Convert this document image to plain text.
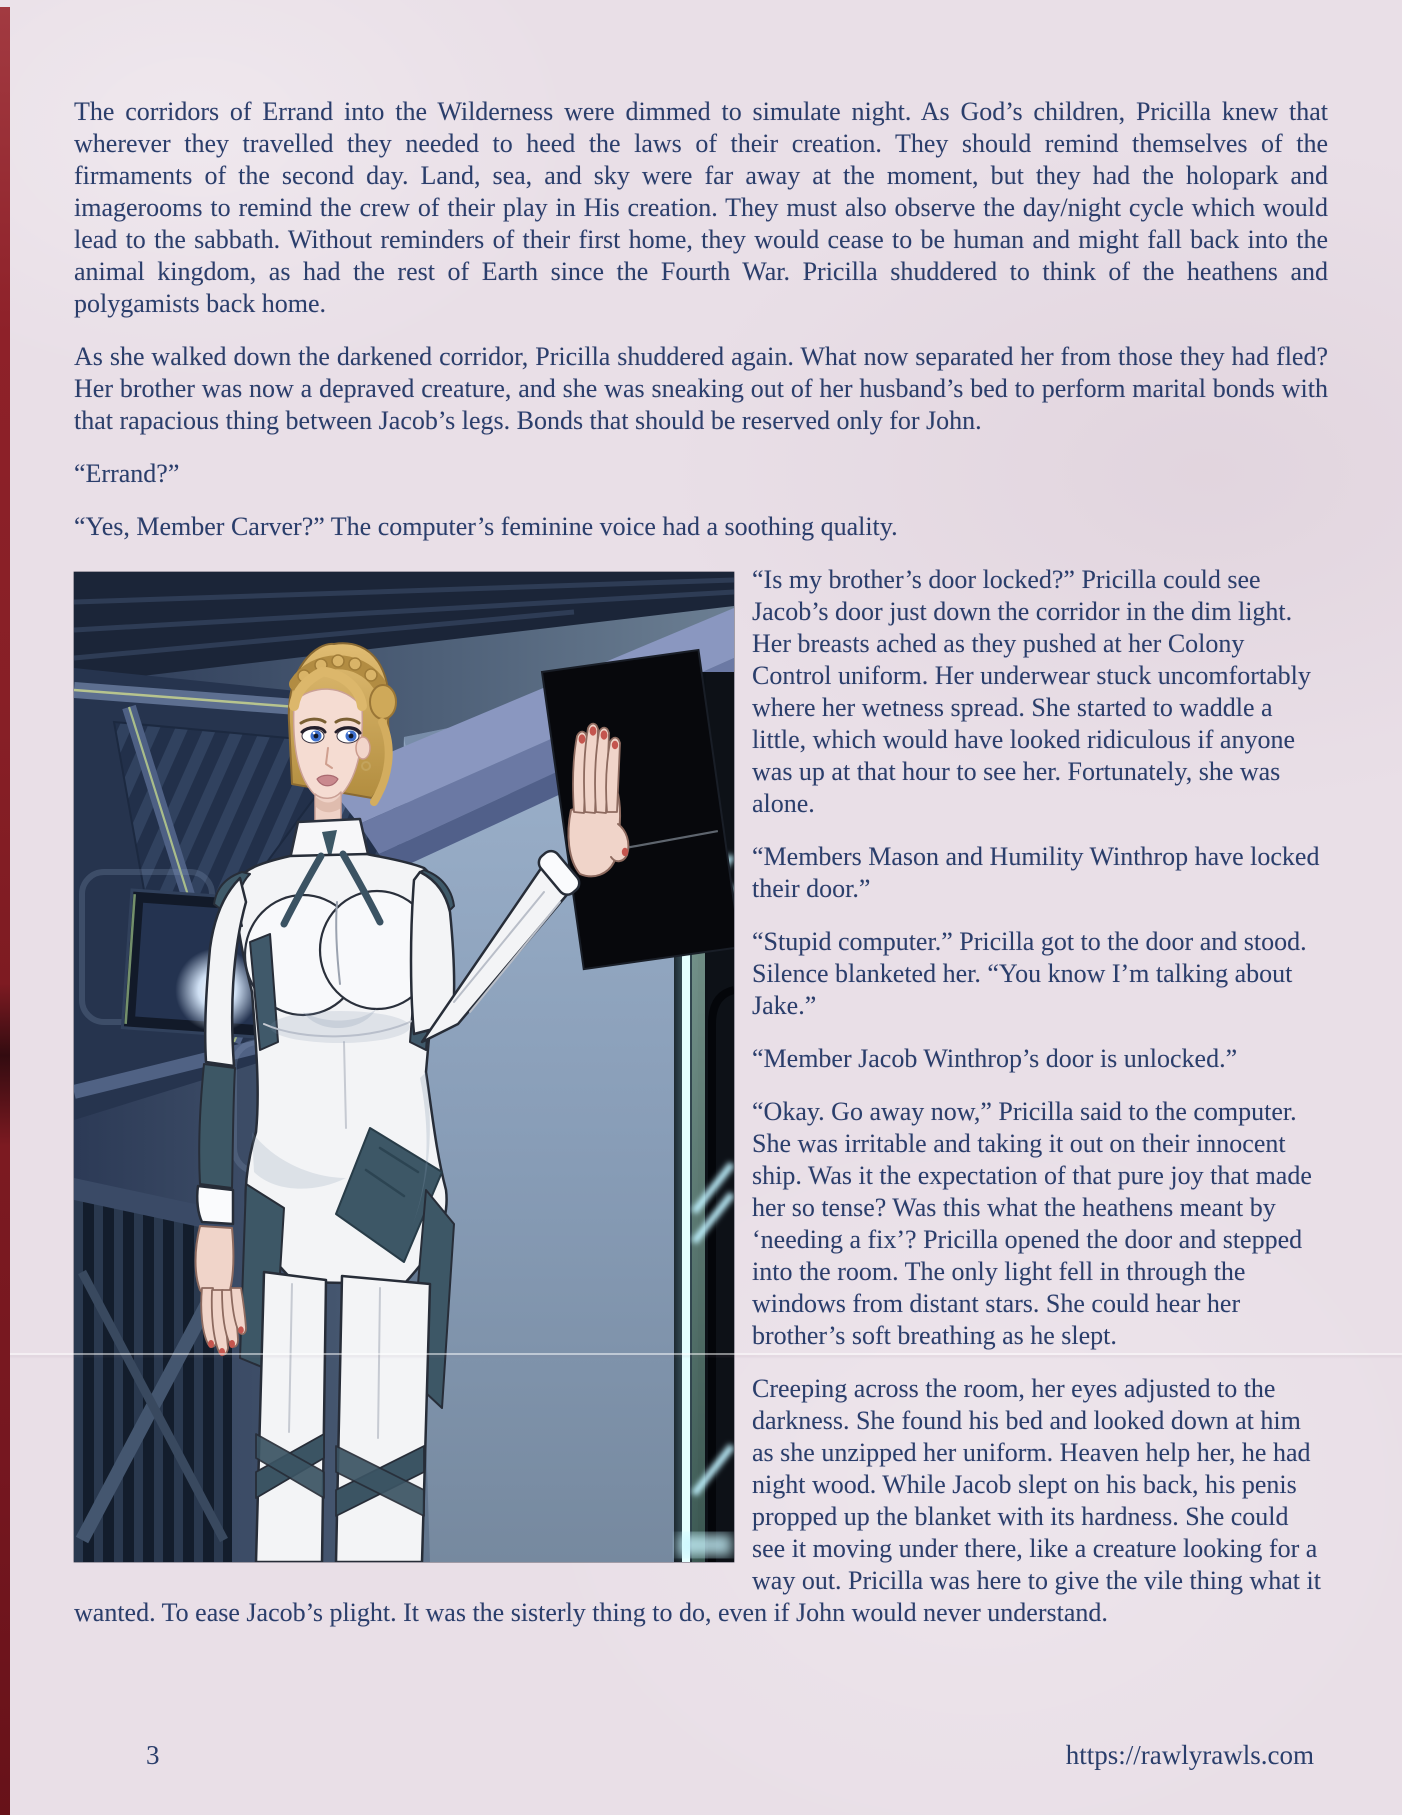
The corridors of Errand into the Wilderness were dimmed to simulate night. As God’s children, Pricilla knew that wherever they travelled they needed to heed the laws of their creation. They should remind themselves of the firmaments of the second day. Land, sea, and sky were far away at the moment, but they had the holopark and imagerooms to remind the crew of their play in His creation. They must also observe the day/night cycle which would lead to the sabbath. Without reminders of their first home, they would cease to be human and might fall back into the animal kingdom, as had the rest of Earth since the Fourth War. Pricilla shuddered to think of the heathens and polygamists back home.

As she walked down the darkened corridor, Pricilla shuddered again. What now separated her from those they had fled? Her brother was now a depraved creature, and she was sneaking out of her husband’s bed to perform marital bonds with that rapacious thing between Jacob’s legs. Bonds that should be reserved only for John.

“Errand?”

“Yes, Member Carver?” The computer’s feminine voice had a soothing quality.

“Is my brother’s door locked?” Pricilla could see Jacob’s door just down the corridor in the dim light. Her breasts ached as they pushed at her Colony Control uniform. Her underwear stuck uncomfortably where her wetness spread. She started to waddle a little, which would have looked ridiculous if anyone was up at that hour to see her. Fortunately, she was alone.

“Members Mason and Humility Winthrop have locked their door.”

“Stupid computer.” Pricilla got to the door and stood. Silence blanketed her. “You know I’m talking about Jake.”

“Member Jacob Winthrop’s door is unlocked.”

“Okay. Go away now,” Pricilla said to the computer. She was irritable and taking it out on their innocent ship. Was it the expectation of that pure joy that made her so tense? Was this what the heathens meant by ‘needing a fix’? Pricilla opened the door and stepped into the room. The only light fell in through the windows from distant stars. She could hear her brother’s soft breathing as he slept.

Creeping across the room, her eyes adjusted to the darkness. She found his bed and looked down at him as she unzipped her uniform. Heaven help her, he had night wood. While Jacob slept on his back, his penis propped up the blanket with its hardness. She could see it moving under there, like a creature looking for a way out. Pricilla was here to give the vile thing what it wanted. To ease Jacob’s plight. It was the sisterly thing to do, even if John would never understand.

3	https://rawlyrawls.com
